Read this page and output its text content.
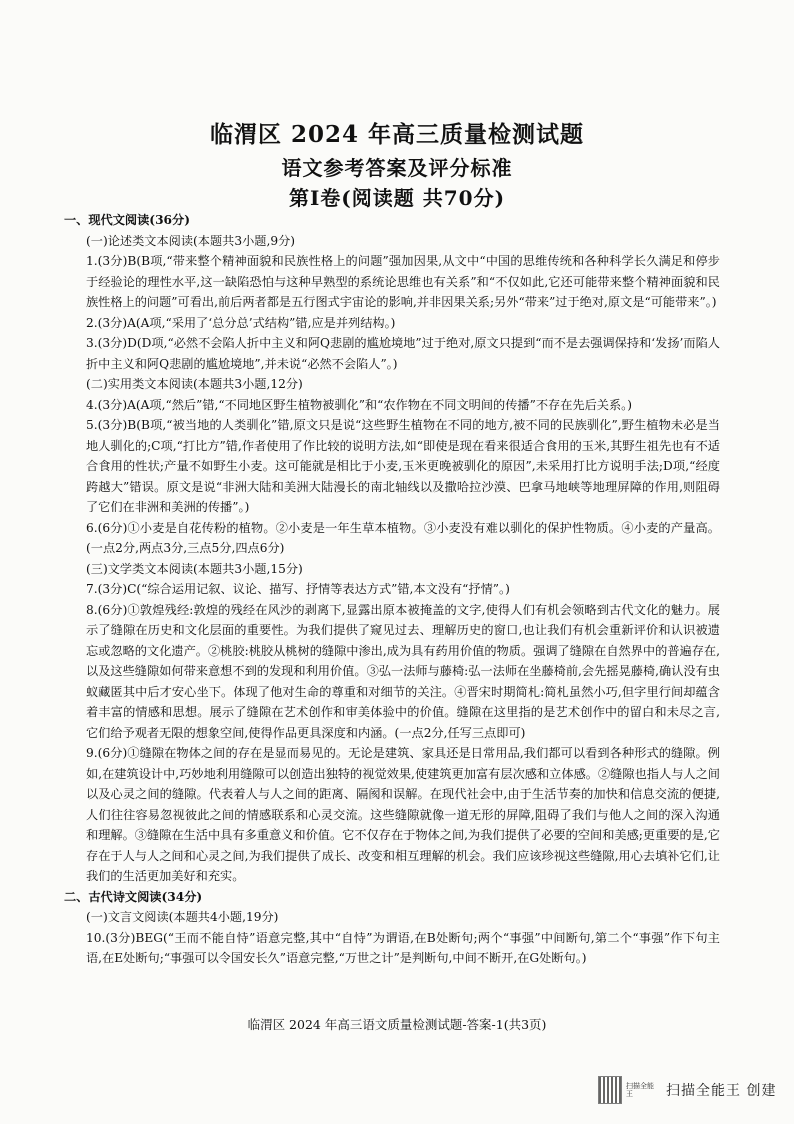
临渭区 2024 年高三质量检测试题
语文参考答案及评分标准
第Ⅰ卷(阅读题 共70分)
一、现代文阅读(36分)
(一)论述类文本阅读(本题共3小题,9分)
1.(3分)B(B项,“带来整个精神面貌和民族性格上的问题”强加因果,从文中“中国的思维传统和各种科学长久满足和停步于经验论的理性水平,这一缺陷恐怕与这种早熟型的系统论思维也有关系”和“不仅如此,它还可能带来整个精神面貌和民族性格上的问题”可看出,前后两者都是五行图式宇宙论的影响,并非因果关系;另外“带来”过于绝对,原文是“可能带来”。)
2.(3分)A(A项,“采用了‘总分总’式结构”错,应是并列结构。)
3.(3分)D(D项,“必然不会陷人折中主义和阿Q悲剧的尴尬境地”过于绝对,原文只提到“而不是去强调保持和‘发扬’而陷人折中主义和阿Q悲剧的尴尬境地”,并未说“必然不会陷人”。)
(二)实用类文本阅读(本题共3小题,12分)
4.(3分)A(A项,“然后”错,“不同地区野生植物被驯化”和“农作物在不同文明间的传播”不存在先后关系。)
5.(3分)B(B项,“被当地的人类驯化”错,原文只是说“这些野生植物在不同的地方,被不同的民族驯化”,野生植物未必是当地人驯化的;C项,“打比方”错,作者使用了作比较的说明方法,如“即使是现在看来很适合食用的玉米,其野生祖先也有不适合食用的性状;产量不如野生小麦。这可能就是相比于小麦,玉米更晚被驯化的原因”,未采用打比方说明手法;D项,“经度跨越大”错误。原文是说“非洲大陆和美洲大陆漫长的南北轴线以及撒哈拉沙漠、巴拿马地峡等地理屏障的作用,则阻碍了它们在非洲和美洲的传播”。)
6.(6分)①小麦是自花传粉的植物。②小麦是一年生草本植物。③小麦没有难以驯化的保护性物质。④小麦的产量高。(一点2分,两点3分,三点5分,四点6分)
(三)文学类文本阅读(本题共3小题,15分)
7.(3分)C(“综合运用记叙、议论、描写、抒情等表达方式”错,本文没有“抒情”。)
8.(6分)①敦煌残经:敦煌的残经在风沙的剥离下,显露出原本被掩盖的文字,使得人们有机会领略到古代文化的魅力。展示了缝隙在历史和文化层面的重要性。为我们提供了窥见过去、理解历史的窗口,也让我们有机会重新评价和认识被遗忘或忽略的文化遗产。②桃胶:桃胶从桃树的缝隙中渗出,成为具有药用价值的物质。强调了缝隙在自然界中的普遍存在,以及这些缝隙如何带来意想不到的发现和利用价值。③弘一法师与藤椅:弘一法师在坐藤椅前,会先摇晃藤椅,确认没有虫蚁藏匿其中后才安心坐下。体现了他对生命的尊重和对细节的关注。④晋宋时期简札:简札虽然小巧,但字里行间却蕴含着丰富的情感和思想。展示了缝隙在艺术创作和审美体验中的价值。缝隙在这里指的是艺术创作中的留白和未尽之言,它们给予观者无限的想象空间,使得作品更具深度和内涵。(一点2分,任写三点即可)
9.(6分)①缝隙在物体之间的存在是显而易见的。无论是建筑、家具还是日常用品,我们都可以看到各种形式的缝隙。例如,在建筑设计中,巧妙地利用缝隙可以创造出独特的视觉效果,使建筑更加富有层次感和立体感。②缝隙也指人与人之间以及心灵之间的缝隙。代表着人与人之间的距离、隔阂和误解。在现代社会中,由于生活节奏的加快和信息交流的便捷,人们往往容易忽视彼此之间的情感联系和心灵交流。这些缝隙就像一道无形的屏障,阻碍了我们与他人之间的深入沟通和理解。③缝隙在生活中具有多重意义和价值。它不仅存在于物体之间,为我们提供了必要的空间和美感;更重要的是,它存在于人与人之间和心灵之间,为我们提供了成长、改变和相互理解的机会。我们应该珍视这些缝隙,用心去填补它们,让我们的生活更加美好和充实。
二、古代诗文阅读(34分)
(一)文言文阅读(本题共4小题,19分)
10.(3分)BEG(“王而不能自恃”语意完整,其中“自恃”为谓语,在B处断句;两个“事强”中间断句,第二个“事强”作下句主语,在E处断句;“事强可以令国安长久”语意完整,“万世之计”是判断句,中间不断开,在G处断句。)
临渭区 2024 年高三语文质量检测试题-答案-1(共3页)
扫描全能王	扫描全能王 创建
